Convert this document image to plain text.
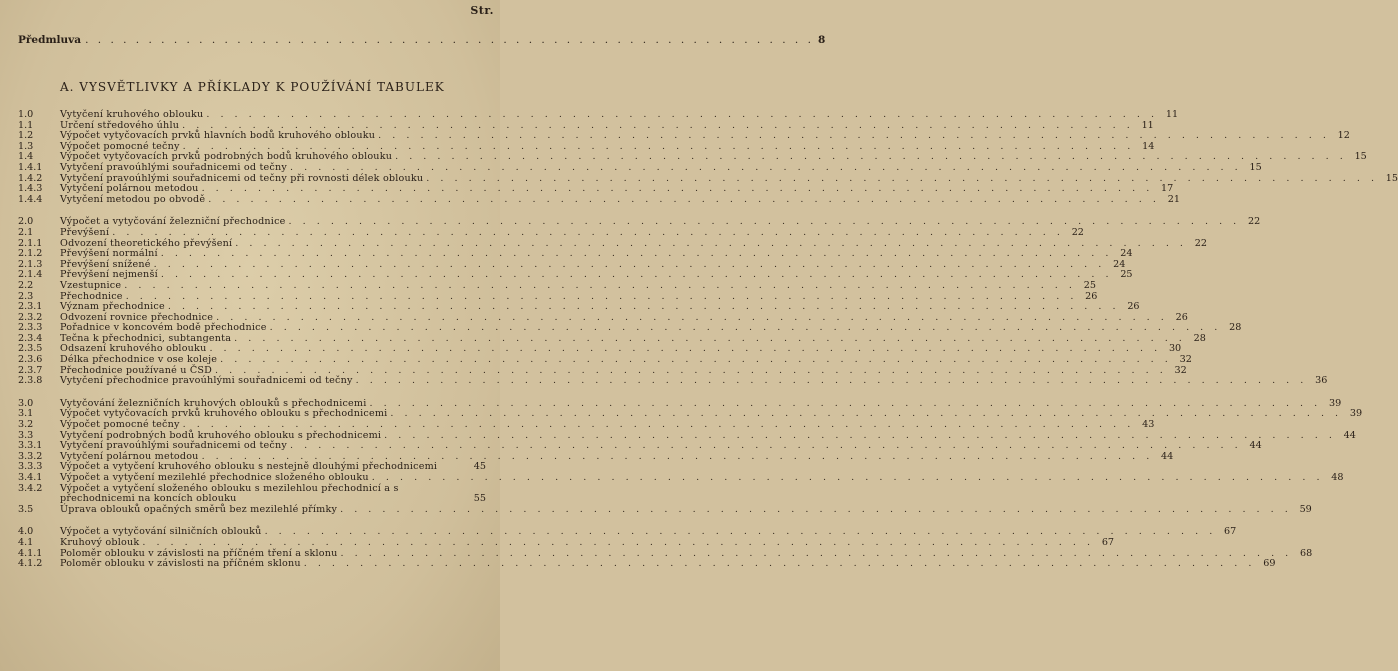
Str.
Předmluva . . . . . . . . . . . . . . . . . . . . . . . . . . . . . . . . . . . . . . . . . . . . . . . . . . . . . . . . . . 8
A. VYSVĚTLIVKY A PŘÍKLADY K POUŽÍVÁNÍ TABULEK
1.0	Vytyčení kruhového oblouku . . . . . . . . . . . . . . . . . . . . . . . . . . . . . . . . . . . . . . . . . . . . . . . . . . . . . . . . . . . . . . . . . . . . 11
1.1	Určení středového úhlu . . . . . . . . . . . . . . . . . . . . . . . . . . . . . . . . . . . . . . . . . . . . . . . . . . . . . . . . . . . . . . . . . . . . 11
1.2	Výpočet vytyčovacích prvků hlavních bodů kruhového oblouku . . . . . . . . . . . . . . . . . . . . . . . . . . . . . . . . . . . . . . . . . . . . . . . . . . . . . . . . . . . . . . . . . . . . 12
1.3	Výpočet pomocné tečny . . . . . . . . . . . . . . . . . . . . . . . . . . . . . . . . . . . . . . . . . . . . . . . . . . . . . . . . . . . . . . . . . . . . 14
1.4	Výpočet vytyčovacích prvků podrobných bodů kruhového oblouku . . . . . . . . . . . . . . . . . . . . . . . . . . . . . . . . . . . . . . . . . . . . . . . . . . . . . . . . . . . . . . . . . . . . 15
1.4.1	Vytyčení pravoúhlými souřadnicemi od tečny . . . . . . . . . . . . . . . . . . . . . . . . . . . . . . . . . . . . . . . . . . . . . . . . . . . . . . . . . . . . . . . . . . . . 15
1.4.2	Vytyčení pravoúhlými souřadnicemi od tečny při rovnosti délek oblouku . . . . . . . . . . . . . . . . . . . . . . . . . . . . . . . . . . . . . . . . . . . . . . . . . . . . . . . . . . . . . . . . . . . . 15
1.4.3	Vytyčení polárnou metodou . . . . . . . . . . . . . . . . . . . . . . . . . . . . . . . . . . . . . . . . . . . . . . . . . . . . . . . . . . . . . . . . . . . . 17
1.4.4	Vytyčení metodou po obvodě . . . . . . . . . . . . . . . . . . . . . . . . . . . . . . . . . . . . . . . . . . . . . . . . . . . . . . . . . . . . . . . . . . . . 21
2.0	Výpočet a vytyčování železniční přechodnice . . . . . . . . . . . . . . . . . . . . . . . . . . . . . . . . . . . . . . . . . . . . . . . . . . . . . . . . . . . . . . . . . . . . 22
2.1	Převýšení . . . . . . . . . . . . . . . . . . . . . . . . . . . . . . . . . . . . . . . . . . . . . . . . . . . . . . . . . . . . . . . . . . . . 22
2.1.1	Odvození theoretického převýšení . . . . . . . . . . . . . . . . . . . . . . . . . . . . . . . . . . . . . . . . . . . . . . . . . . . . . . . . . . . . . . . . . . . . 22
2.1.2	Převýšení normální . . . . . . . . . . . . . . . . . . . . . . . . . . . . . . . . . . . . . . . . . . . . . . . . . . . . . . . . . . . . . . . . . . . . 24
2.1.3	Převýšení snížené . . . . . . . . . . . . . . . . . . . . . . . . . . . . . . . . . . . . . . . . . . . . . . . . . . . . . . . . . . . . . . . . . . . . 24
2.1.4	Převýšení nejmenší . . . . . . . . . . . . . . . . . . . . . . . . . . . . . . . . . . . . . . . . . . . . . . . . . . . . . . . . . . . . . . . . . . . . 25
2.2	Vzestupnice . . . . . . . . . . . . . . . . . . . . . . . . . . . . . . . . . . . . . . . . . . . . . . . . . . . . . . . . . . . . . . . . . . . . 25
2.3	Přechodnice . . . . . . . . . . . . . . . . . . . . . . . . . . . . . . . . . . . . . . . . . . . . . . . . . . . . . . . . . . . . . . . . . . . . 26
2.3.1	Význam přechodnice . . . . . . . . . . . . . . . . . . . . . . . . . . . . . . . . . . . . . . . . . . . . . . . . . . . . . . . . . . . . . . . . . . . . 26
2.3.2	Odvození rovnice přechodnice . . . . . . . . . . . . . . . . . . . . . . . . . . . . . . . . . . . . . . . . . . . . . . . . . . . . . . . . . . . . . . . . . . . . 26
2.3.3	Pořadnice v koncovém bodě přechodnice . . . . . . . . . . . . . . . . . . . . . . . . . . . . . . . . . . . . . . . . . . . . . . . . . . . . . . . . . . . . . . . . . . . . 28
2.3.4	Tečna k přechodnici, subtangenta . . . . . . . . . . . . . . . . . . . . . . . . . . . . . . . . . . . . . . . . . . . . . . . . . . . . . . . . . . . . . . . . . . . . 28
2.3.5	Odsazení kruhového oblouku . . . . . . . . . . . . . . . . . . . . . . . . . . . . . . . . . . . . . . . . . . . . . . . . . . . . . . . . . . . . . . . . . . . . 30
2.3.6	Délka přechodnice v ose koleje . . . . . . . . . . . . . . . . . . . . . . . . . . . . . . . . . . . . . . . . . . . . . . . . . . . . . . . . . . . . . . . . . . . . 32
2.3.7	Přechodnice používané u ČSD . . . . . . . . . . . . . . . . . . . . . . . . . . . . . . . . . . . . . . . . . . . . . . . . . . . . . . . . . . . . . . . . . . . . 32
2.3.8	Vytyčení přechodnice pravoúhlými souřadnicemi od tečny . . . . . . . . . . . . . . . . . . . . . . . . . . . . . . . . . . . . . . . . . . . . . . . . . . . . . . . . . . . . . . . . . . . . 36
3.0	Vytyčování železničních kruhových oblouků s přechodnicemi . . . . . . . . . . . . . . . . . . . . . . . . . . . . . . . . . . . . . . . . . . . . . . . . . . . . . . . . . . . . . . . . . . . . 39
3.1	Výpočet vytyčovacích prvků kruhového oblouku s přechodnicemi . . . . . . . . . . . . . . . . . . . . . . . . . . . . . . . . . . . . . . . . . . . . . . . . . . . . . . . . . . . . . . . . . . . . 39
3.2	Výpočet pomocné tečny . . . . . . . . . . . . . . . . . . . . . . . . . . . . . . . . . . . . . . . . . . . . . . . . . . . . . . . . . . . . . . . . . . . . 43
3.3	Vytyčení podrobných bodů kruhového oblouku s přechodnicemi . . . . . . . . . . . . . . . . . . . . . . . . . . . . . . . . . . . . . . . . . . . . . . . . . . . . . . . . . . . . . . . . . . . . 44
3.3.1	Vytyčení pravoúhlými souřadnicemi od tečny . . . . . . . . . . . . . . . . . . . . . . . . . . . . . . . . . . . . . . . . . . . . . . . . . . . . . . . . . . . . . . . . . . . . 44
3.3.2	Vytyčení polárnou metodou . . . . . . . . . . . . . . . . . . . . . . . . . . . . . . . . . . . . . . . . . . . . . . . . . . . . . . . . . . . . . . . . . . . . 44
3.3.3	Výpočet a vytyčení kruhového oblouku s nestejně dlouhými přechodnicemi	45
3.4.1	Výpočet a vytyčení mezilehlé přechodnice složeného oblouku . . . . . . . . . . . . . . . . . . . . . . . . . . . . . . . . . . . . . . . . . . . . . . . . . . . . . . . . . . . . . . . . . . . . 48
3.4.2	Výpočet a vytyčení složeného oblouku s mezilehlou přechodnicí a s přechodnicemi na koncích oblouku	55
3.5	Úprava oblouků opačných směrů bez mezilehlé přímky . . . . . . . . . . . . . . . . . . . . . . . . . . . . . . . . . . . . . . . . . . . . . . . . . . . . . . . . . . . . . . . . . . . . 59
4.0	Výpočet a vytyčování silničních oblouků . . . . . . . . . . . . . . . . . . . . . . . . . . . . . . . . . . . . . . . . . . . . . . . . . . . . . . . . . . . . . . . . . . . . 67
4.1	Kruhový oblouk . . . . . . . . . . . . . . . . . . . . . . . . . . . . . . . . . . . . . . . . . . . . . . . . . . . . . . . . . . . . . . . . . . . . 67
4.1.1	Poloměr oblouku v závislosti na příčném tření a sklonu . . . . . . . . . . . . . . . . . . . . . . . . . . . . . . . . . . . . . . . . . . . . . . . . . . . . . . . . . . . . . . . . . . . . 68
4.1.2	Poloměr oblouku v závislosti na příčném sklonu . . . . . . . . . . . . . . . . . . . . . . . . . . . . . . . . . . . . . . . . . . . . . . . . . . . . . . . . . . . . . . . . . . . . 69
